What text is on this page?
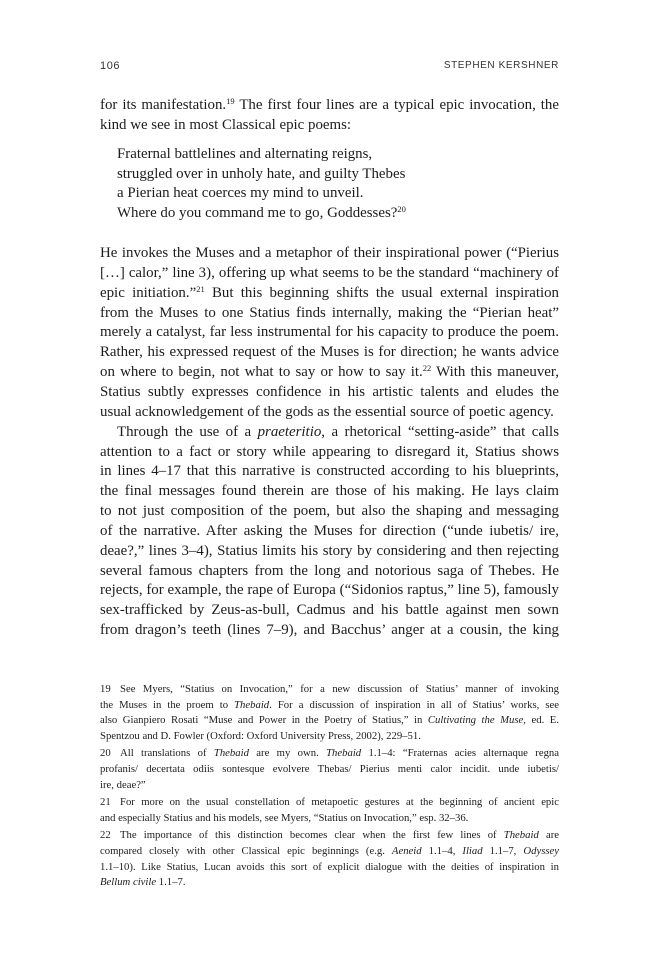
106	STEPHEN KERSHNER

for its manifestation.$^{19}$ The first four lines are a typical epic invocation, the
kind we see in most Classical epic poems:

Fraternal battlelines and alternating reigns,
struggled over in unholy hate, and guilty Thebes
a Pierian heat coerces my mind to unveil.
Where do you command me to go, Goddesses?$^{20}$

He invokes the Muses and a metaphor of their inspirational power (“Pierius
[…] calor,” line 3), offering up what seems to be the standard “machinery of
epic initiation.”$^{21}$ But this beginning shifts the usual external inspiration
from the Muses to one Statius finds internally, making the “Pierian heat”
merely a catalyst, far less instrumental for his capacity to produce the poem.
Rather, his expressed request of the Muses is for direction; he wants advice
on where to begin, not what to say or how to say it.$^{22}$ With this maneuver,
Statius subtly expresses confidence in his artistic talents and eludes the
usual acknowledgement of the gods as the essential source of poetic agency.

Through the use of a praeteritio, a rhetorical “setting-aside” that calls
attention to a fact or story while appearing to disregard it, Statius shows
in lines 4–17 that this narrative is constructed according to his blueprints,
the final messages found therein are those of his making. He lays claim
to not just composition of the poem, but also the shaping and messaging
of the narrative. After asking the Muses for direction (“unde iubetis/ ire,
deae?,” lines 3–4), Statius limits his story by considering and then rejecting
several famous chapters from the long and notorious saga of Thebes. He
rejects, for example, the rape of Europa (“Sidonios raptus,” line 5), famously
sex-trafficked by Zeus-as-bull, Cadmus and his battle against men sown
from dragon’s teeth (lines 7–9), and Bacchus’ anger at a cousin, the king

19 See Myers, “Statius on Invocation,” for a new discussion of Statius’ manner of invoking
the Muses in the proem to Thebaid. For a discussion of inspiration in all of Statius’ works, see
also Gianpiero Rosati “Muse and Power in the Poetry of Statius,” in Cultivating the Muse, ed. E.
Spentzou and D. Fowler (Oxford: Oxford University Press, 2002), 229–51.
20 All translations of Thebaid are my own. Thebaid 1.1–4: “Fraternas acies alternaque regna
profanis/ decertata odiis sontesque evolvere Thebas/ Pierius menti calor incidit. unde iubetis/
ire, deae?”
21 For more on the usual constellation of metapoetic gestures at the beginning of ancient epic
and especially Statius and his models, see Myers, “Statius on Invocation,” esp. 32–36.
22 The importance of this distinction becomes clear when the first few lines of Thebaid are
compared closely with other Classical epic beginnings (e.g. Aeneid 1.1–4, Iliad 1.1–7, Odyssey
1.1–10). Like Statius, Lucan avoids this sort of explicit dialogue with the deities of inspiration in
Bellum civile 1.1–7.
